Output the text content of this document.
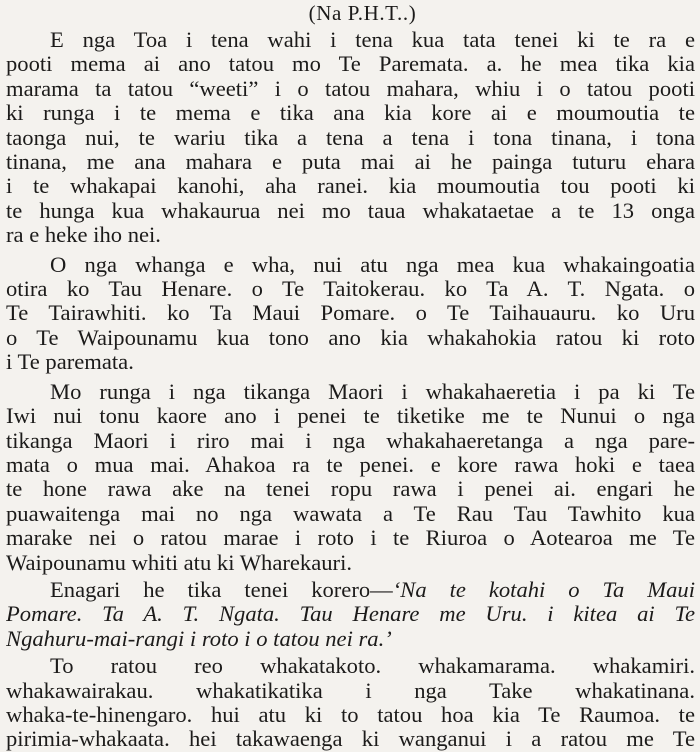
(Na P.H.T..)
E nga Toa i tena wahi i tena kua tata tenei ki te ra e
pooti mema ai ano tatou mo Te Paremata. a. he mea tika kia
marama ta tatou “weeti” i o tatou mahara, whiu i o tatou pooti
ki runga i te mema e tika ana kia kore ai e moumoutia te
taonga nui, te wariu tika a tena a tena i tona tinana, i tona
tinana, me ana mahara e puta mai ai he painga tuturu ehara
i te whakapai kanohi, aha ranei. kia moumoutia tou pooti ki
te hunga kua whakaurua nei mo taua whakataetae a te 13 onga
ra e heke iho nei.
O nga whanga e wha, nui atu nga mea kua whakaingoatia
otira ko Tau Henare. o Te Taitokerau. ko Ta A. T. Ngata. o
Te Tairawhiti. ko Ta Maui Pomare. o Te Taihauauru. ko Uru
o Te Waipounamu kua tono ano kia whakahokia ratou ki roto
i Te paremata.
Mo runga i nga tikanga Maori i whakahaeretia i pa ki Te
Iwi nui tonu kaore ano i penei te tiketike me te Nunui o nga
tikanga Maori i riro mai i nga whakahaeretanga a nga pare-
mata o mua mai. Ahakoa ra te penei. e kore rawa hoki e taea
te hone rawa ake na tenei ropu rawa i penei ai. engari he
puawaitenga mai no nga wawata a Te Rau Tau Tawhito kua
marake nei o ratou marae i roto i te Riuroa o Aotearoa me Te
Waipounamu whiti atu ki Wharekauri.
Enagari he tika tenei korero—‘Na te kotahi o Ta Maui
Pomare. Ta A. T. Ngata. Tau Henare me Uru. i kitea ai Te
Ngahuru-mai-rangi i roto i o tatou nei ra.’
To ratou reo whakatakoto. whakamarama. whakamiri.
whakawairakau. whakatikatika i nga Take whakatinana.
whaka-te-hinengaro. hui atu ki to tatou hoa kia Te Raumoa. te
pirimia-whakaata. hei takawaenga ki wanganui i a ratou me Te
